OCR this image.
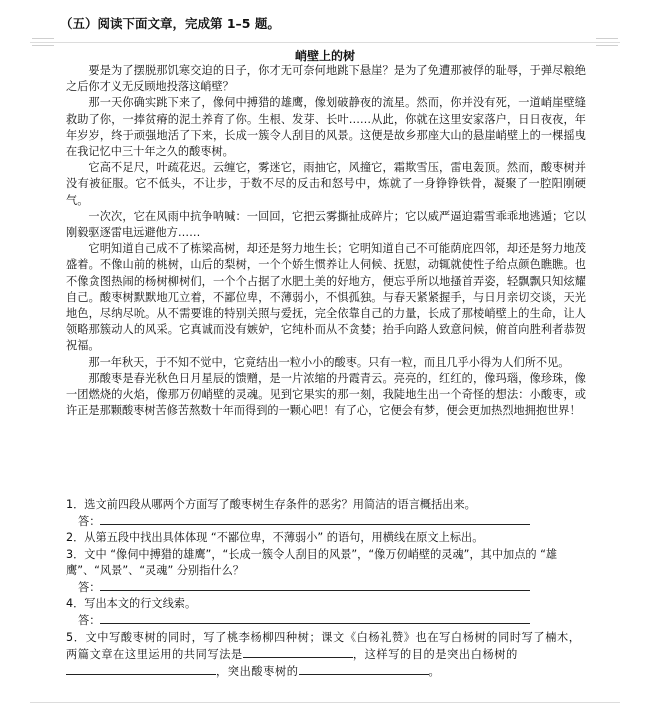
（五）阅读下面文章，完成第 1–5 题。
峭壁上的树

要是为了摆脱那饥寒交迫的日子，你才无可奈何地跳下悬崖？是为了免遭那被俘的耻辱，于弹尽粮绝之后你才义无反顾地投落这峭壁？

那一天你确实跳下来了，像伺中搏猎的雄鹰，像划破静夜的流星。然而，你并没有死，一道峭崖壁缝救助了你，一捧贫瘠的泥土养育了你。生根、发芽、长叶……从此，你就在这里安家落户，日日夜夜，年年岁岁，终于顽强地活了下来，长成一簇令人刮目的风景。这便是故乡那座大山的悬崖峭壁上的一棵摇曳在我记忆中三十年之久的酸枣树。

它高不足尺，叶疏花迟。云缠它，雾迷它，雨抽它，风撞它，霜欺雪压，雷电轰顶。然而，酸枣树并没有被征服。它不低头，不让步，于数不尽的反击和怒号中，炼就了一身铮铮铁骨，凝聚了一腔阳刚硬气。

一次次，它在风雨中抗争呐喊：一回回，它把云雾撕扯成碎片；它以威严逼迫霜雪乖乖地逃遁；它以刚毅驱逐雷电远避他方……

它明知道自己成不了栋梁高树，却还是努力地生长；它明知道自己不可能荫庇四邻，却还是努力地茂盛着。不像山前的桃树，山后的梨树，一个个娇生惯养让人伺候、抚慰，动辄就使性子给点颜色瞧瞧。也不像贪图热闹的杨树柳树们，一个个占据了水肥土美的好地方，便忘乎所以地搔首弄姿，轻飘飘只知炫耀自己。酸枣树默默地兀立着，不鄙位卑，不薄弱小，不惧孤独。与春天紧紧握手，与日月亲切交谈，天光地色，尽纳尽吮。从不需要谁的特别关照与爱抚，完全依靠自己的力量，长成了那棱峭壁上的生命，让人领略那簇动人的风采。它真诚而没有嫉妒，它纯朴而从不贪婪；抬手向路人致意问候，俯首向胜利者恭贺祝福。

那一年秋天，于不知不觉中，它竟结出一粒小小的酸枣。只有一粒，而且几乎小得为人们所不见。

那酸枣是春光秋色日月星辰的馈赠，是一片浓缩的丹霞青云。亮亮的，红红的，像玛瑙，像珍珠，像一团燃烧的火焰，像那万仞峭壁的灵魂。见到它果实的那一刻，我陡地生出一个奇怪的想法：小酸枣，或许正是那颗酸枣树苦修苦熬数十年而得到的一颗心吧！有了心，它便会有梦，便会更加热烈地拥抱世界！

1．选文前四段从哪两个方面写了酸枣树生存条件的恶劣？用简洁的语言概括出来。

答：

2．从第五段中找出具体体现 “不鄙位卑，不薄弱小” 的语句，用横线在原文上标出。

3．文中 “像伺中搏猎的雄鹰”，“长成一簇令人刮目的风景”，“像万仞峭壁的灵魂”，其中加点的 “雄鹰”、“风景”、“灵魂” 分别指什么？

答：

4．写出本文的行文线索。

答：

5．文中写酸枣树的同时，写了桃李杨柳四种树；课文《白杨礼赞》也在写白杨树的同时写了楠木，两篇文章在这里运用的共同写法是	，这样写的目的是突出白杨树的
，突出酸枣树的	。
